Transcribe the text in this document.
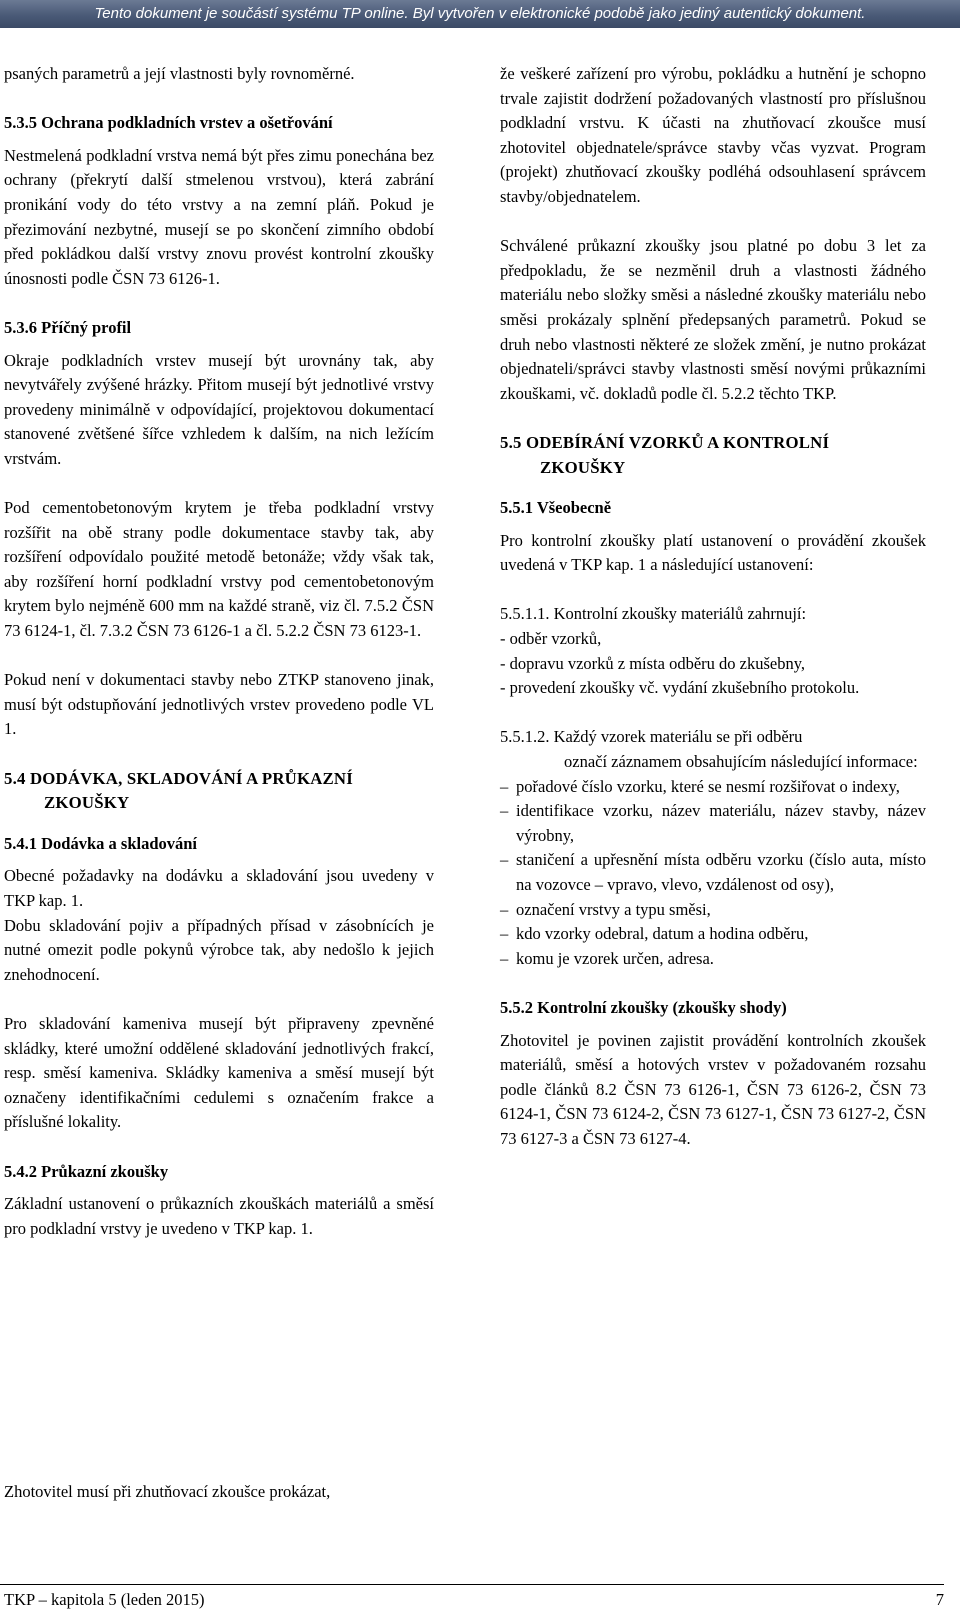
Tento dokument je součástí systému TP online. Byl vytvořen v elektronické podobě jako jediný autentický dokument.

psaných parametrů a její vlastnosti byly rovnoměrné.

5.3.5 Ochrana podkladních vrstev a ošetřování

Nestmelená podkladní vrstva nemá být přes zimu ponechána bez ochrany (překrytí další stmelenou vrstvou), která zabrání pronikání vody do této vrstvy a na zemní pláň. Pokud je přezimování nezbytné, musejí se po skončení zimního období před pokládkou další vrstvy znovu provést kontrolní zkoušky únosnosti podle ČSN 73 6126-1.

5.3.6 Příčný profil

Okraje podkladních vrstev musejí být urovnány tak, aby nevytvářely zvýšené hrázky. Přitom musejí být jednotlivé vrstvy provedeny minimálně v odpovídající, projektovou dokumentací stanovené zvětšené šířce vzhledem k dalším, na nich ležícím vrstvám.

Pod cementobetonovým krytem je třeba podkladní vrstvy rozšířit na obě strany podle dokumentace stavby tak, aby rozšíření odpovídalo použité metodě betonáže; vždy však tak, aby rozšíření horní podkladní vrstvy pod cementobetonovým krytem bylo nejméně 600 mm na každé straně, viz čl. 7.5.2 ČSN 73 6124-1, čl. 7.3.2 ČSN 73 6126-1 a čl. 5.2.2 ČSN 73 6123-1.

Pokud není v dokumentaci stavby nebo ZTKP stanoveno jinak, musí být odstupňování jednotlivých vrstev provedeno podle VL 1.

5.4 DODÁVKA, SKLADOVÁNÍ A PRŮKAZNÍ
ZKOUŠKY
5.4.1 Dodávka a skladování

Obecné požadavky na dodávku a skladování jsou uvedeny v TKP kap. 1.

Dobu skladování pojiv a případných přísad v zásobnících je nutné omezit podle pokynů výrobce tak, aby nedošlo k jejich znehodnocení.

Pro skladování kameniva musejí být připraveny zpevněné skládky, které umožní oddělené skladování jednotlivých frakcí, resp. směsí kameniva. Skládky kameniva a směsí musejí být označeny identifikačními cedulemi s označením frakce a příslušné lokality.

5.4.2 Průkazní zkoušky

Základní ustanovení o průkazních zkouškách materiálů a směsí pro podkladní vrstvy je uvedeno v TKP kap. 1.

Zhotovitel musí při zhutňovací zkoušce prokázat,

že veškeré zařízení pro výrobu, pokládku a hutnění je schopno trvale zajistit dodržení požadovaných vlastností pro příslušnou podkladní vrstvu. K účasti na zhutňovací zkoušce musí zhotovitel objednatele/správce stavby včas vyzvat. Program (projekt) zhutňovací zkoušky podléhá odsouhlasení správcem stavby/objednatelem.

Schválené průkazní zkoušky jsou platné po dobu 3 let za předpokladu, že se nezměnil druh a vlastnosti žádného materiálu nebo složky směsi a následné zkoušky materiálu nebo směsi prokázaly splnění předepsaných parametrů. Pokud se druh nebo vlastnosti některé ze složek změní, je nutno prokázat objednateli/správci stavby vlastnosti směsí novými průkazními zkouškami, vč. dokladů podle čl. 5.2.2 těchto TKP.

5.5 ODEBÍRÁNÍ VZORKŮ A KONTROLNÍ
ZKOUŠKY
5.5.1 Všeobecně

Pro kontrolní zkoušky platí ustanovení o provádění zkoušek uvedená v TKP kap. 1 a následující ustanovení:

5.5.1.1. Kontrolní zkoušky materiálů zahrnují:

- odběr vzorků,
- dopravu vzorků z místa odběru do zkušebny,
- provedení zkoušky vč. vydání zkušebního protokolu.
5.5.1.2. Každý vzorek materiálu se při odběru
označí záznamem obsahujícím následující informace:
– pořadové číslo vzorku, které se nesmí rozšiřovat o indexy,
– identifikace vzorku, název materiálu, název stavby, název výrobny,
– staničení a upřesnění místa odběru vzorku (číslo auta, místo na vozovce – vpravo, vlevo, vzdálenost od osy),
– označení vrstvy a typu směsi,
– kdo vzorky odebral, datum a hodina odběru,
– komu je vzorek určen, adresa.
5.5.2 Kontrolní zkoušky (zkoušky shody)

Zhotovitel je povinen zajistit provádění kontrolních zkoušek materiálů, směsí a hotových vrstev v požadovaném rozsahu podle článků 8.2 ČSN 73 6126-1, ČSN 73 6126-2, ČSN 73 6124-1, ČSN 73 6124-2, ČSN 73 6127-1, ČSN 73 6127-2, ČSN 73 6127-3 a ČSN 73 6127-4.

TKP – kapitola 5 (leden 2015)	7
